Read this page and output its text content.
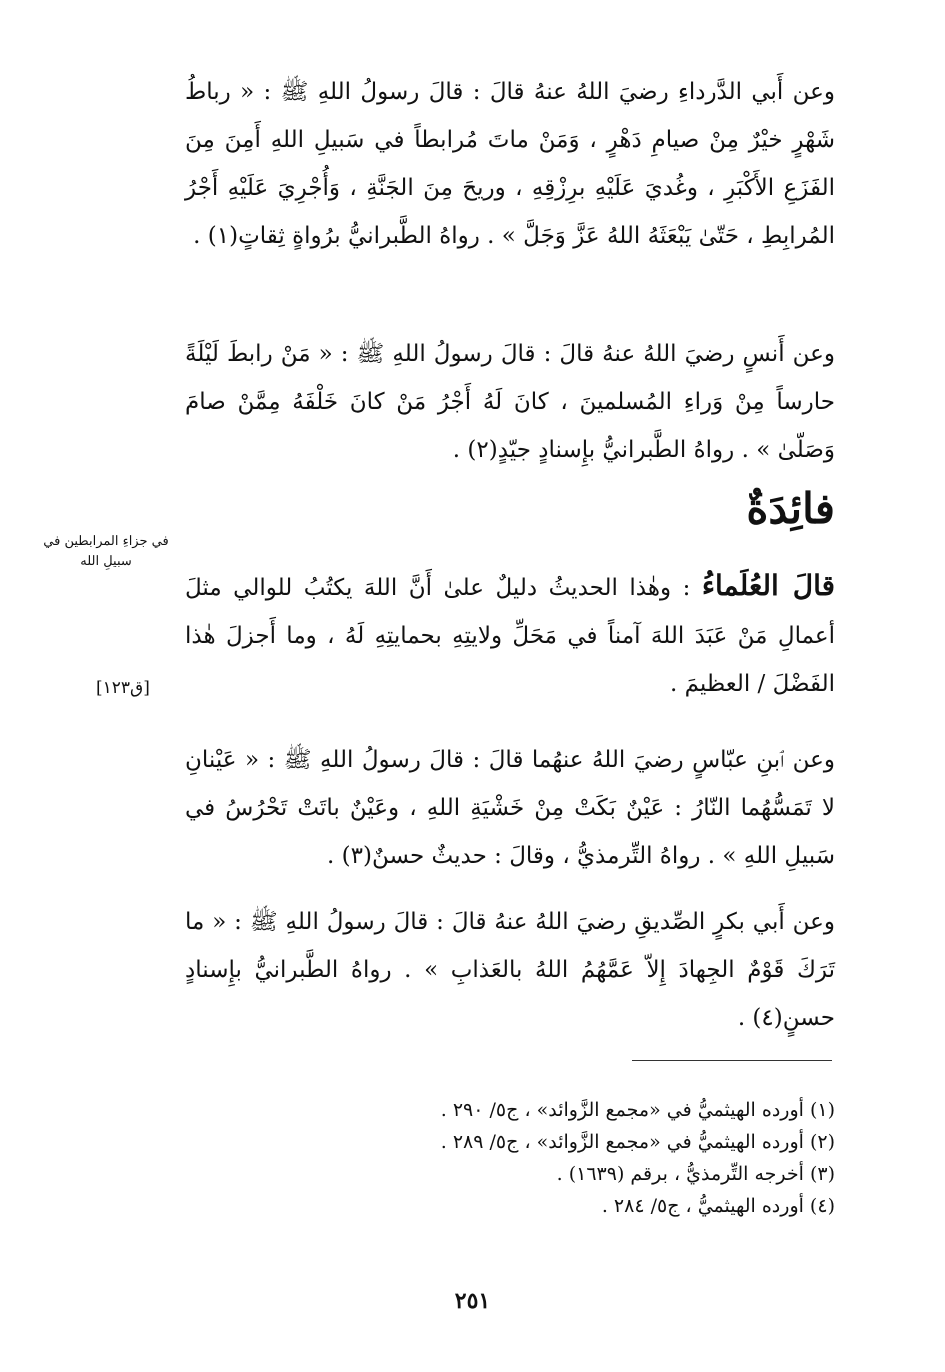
وعن أَبي الدَّرداءِ رضيَ اللهُ عنهُ قالَ : قالَ رسولُ اللهِ ﷺ : « رباطُ شَهْرٍ خيْرٌ مِنْ صيامِ دَهْرٍ ، وَمَنْ ماتَ مُرابطاً في سَبيلِ اللهِ أَمِنَ مِنَ الفَزَعِ الأَكْبَرِ ، وغُديَ عَلَيْهِ برِزْقِهِ ، وريحَ مِنَ الجَنَّةِ ، وَأُجْرِيَ عَلَيْهِ أَجْرُ المُرابِطِ ، حَتّىٰ يَبْعَثَهُ اللهُ عَزَّ وَجَلَّ » . رواهُ الطَّبرانيُّ برُواةٍ ثِقاتٍ(١) .

وعن أَنسٍ رضيَ اللهُ عنهُ قالَ : قالَ رسولُ اللهِ ﷺ : « مَنْ رابطَ لَيْلَةً حارساً مِنْ وَراءِ المُسلمينَ ، كانَ لَهُ أَجْرُ مَنْ كانَ خَلْفَهُ مِمَّنْ صامَ وَصَلّىٰ » . رواهُ الطَّبرانيُّ بإِسنادٍ جيّدٍ(٢) .

فائِدَةٌ

قالَ العُلَماءُ : وهٰذا الحديثُ دليلٌ علىٰ أَنَّ اللهَ يكتُبُ للوالي مثلَ أعمالِ مَنْ عَبَدَ اللهَ آمناً في مَحَلِّ ولايتِهِ بحمايتِهِ لَهُ ، وما أَجزلَ هٰذا الفَضْلَ / العظيمَ .

وعن ٱبنِ عبّاسٍ رضيَ اللهُ عنهُما قالَ : قالَ رسولُ اللهِ ﷺ : « عَيْنانِ لا تَمَسُّهُما النّارُ : عَيْنٌ بَكَتْ مِنْ خَشْيَةِ اللهِ ، وعَيْنٌ باتَتْ تَحْرُسُ في سَبيلِ اللهِ » . رواهُ التِّرمذيُّ ، وقالَ : حديثٌ حسنٌ(٣) .

وعن أَبي بكرٍ الصِّديقِ رضيَ اللهُ عنهُ قالَ : قالَ رسولُ اللهِ ﷺ : « ما تَرَكَ قَوْمٌ الجِهادَ إِلاّ عَمَّهُمُ اللهُ بالعَذابِ » . رواهُ الطَّبرانيُّ بإِسنادٍ حسنٍ(٤) .

في جزاءِ المرابطين في سبيلِ الله
[ق١٢٣]
(١) أورده الهيثميُّ في «مجمع الزَّوائد» ، ج٥/ ٢٩٠ .
(٢) أورده الهيثميُّ في «مجمع الزَّوائد» ، ج٥/ ٢٨٩ .
(٣) أخرجه التِّرمذيُّ ، برقم (١٦٣٩) .
(٤) أورده الهيثميُّ ، ج٥/ ٢٨٤ .
٢٥١
